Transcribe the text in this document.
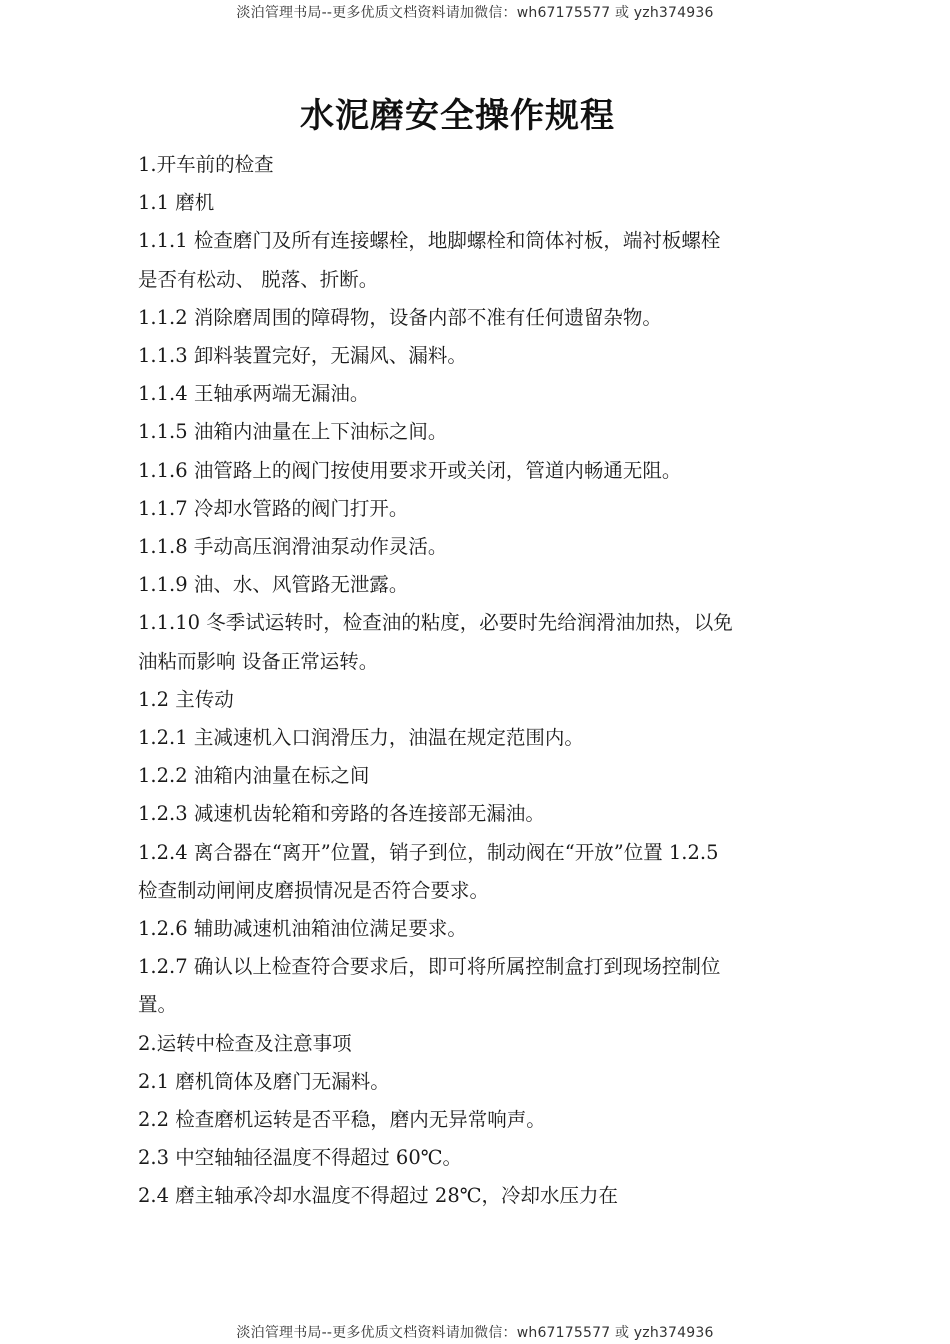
淡泊管理书局--更多优质文档资料请加微信：wh67175577 或 yzh374936
水泥磨安全操作规程

1.开车前的检查

1.1 磨机

1.1.1 检查磨门及所有连接螺栓，地脚螺栓和筒体衬板，端衬板螺栓是否有松动、 脱落、折断。

1.1.2 消除磨周围的障碍物，设备内部不准有任何遗留杂物。

1.1.3 卸料装置完好，无漏风、漏料。

1.1.4 王轴承两端无漏油。

1.1.5 油箱内油量在上下油标之间。

1.1.6 油管路上的阀门按使用要求开或关闭，管道内畅通无阻。

1.1.7 冷却水管路的阀门打开。

1.1.8 手动高压润滑油泵动作灵活。

1.1.9 油、水、风管路无泄露。

1.1.10 冬季试运转时，检查油的粘度，必要时先给润滑油加热，以免油粘而影响 设备正常运转。

1.2 主传动

1.2.1 主减速机入口润滑压力，油温在规定范围内。

1.2.2 油箱内油量在标之间

1.2.3 减速机齿轮箱和旁路的各连接部无漏油。

1.2.4 离合器在“离开”位置，销子到位，制动阀在“开放”位置 1.2.5 检查制动闸闸皮磨损情况是否符合要求。

1.2.6 辅助减速机油箱油位满足要求。

1.2.7 确认以上检查符合要求后，即可将所属控制盒打到现场控制位置。

2.运转中检查及注意事项

2.1 磨机筒体及磨门无漏料。

2.2 检查磨机运转是否平稳，磨内无异常响声。

2.3 中空轴轴径温度不得超过 60℃。

2.4 磨主轴承冷却水温度不得超过 28℃，冷却水压力在

淡泊管理书局--更多优质文档资料请加微信：wh67175577 或 yzh374936
